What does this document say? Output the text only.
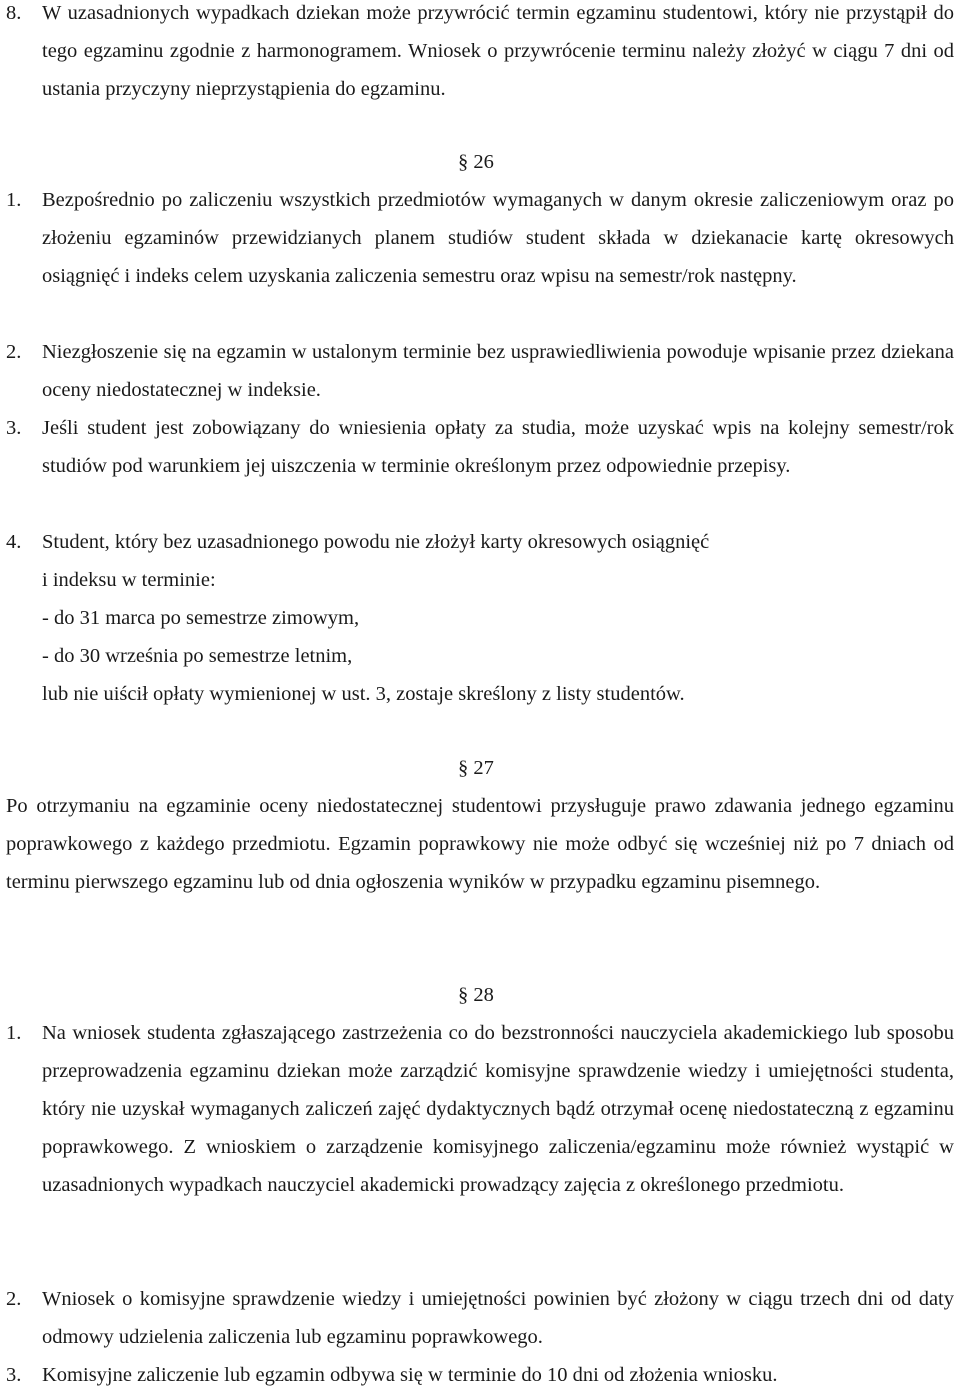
8. W uzasadnionych wypadkach dziekan może przywrócić termin egzaminu studentowi, który nie przystąpił do tego egzaminu zgodnie z harmonogramem. Wniosek o przywrócenie terminu należy złożyć w ciągu 7 dni od ustania przyczyny nieprzystąpienia do egzaminu.
§ 26
1. Bezpośrednio po zaliczeniu wszystkich przedmiotów wymaganych w danym okresie zaliczeniowym oraz po złożeniu egzaminów przewidzianych planem studiów student składa w dziekanacie kartę okresowych osiągnięć i indeks celem uzyskania zaliczenia semestru oraz wpisu na semestr/rok następny.
2. Niezgłoszenie się na egzamin w ustalonym terminie bez usprawiedliwienia powoduje wpisanie przez dziekana oceny niedostatecznej w indeksie.
3. Jeśli student jest zobowiązany do wniesienia opłaty za studia, może uzyskać wpis na kolejny semestr/rok studiów pod warunkiem jej uiszczenia w terminie określonym przez odpowiednie przepisy.
4. Student, który bez uzasadnionego powodu nie złożył karty okresowych osiągnięć
i indeksu w terminie:
- do 31 marca po semestrze zimowym,
- do 30 września po semestrze letnim,
lub nie uiścił opłaty wymienionej w ust. 3, zostaje skreślony z listy studentów.
§ 27
Po otrzymaniu na egzaminie oceny niedostatecznej studentowi przysługuje prawo zdawania jednego egzaminu poprawkowego z każdego przedmiotu. Egzamin poprawkowy nie może odbyć się wcześniej niż po 7 dniach od terminu pierwszego egzaminu lub od dnia ogłoszenia wyników w przypadku egzaminu pisemnego.
§ 28
1. Na wniosek studenta zgłaszającego zastrzeżenia co do bezstronności nauczyciela akademickiego lub sposobu przeprowadzenia egzaminu dziekan może zarządzić komisyjne sprawdzenie wiedzy i umiejętności studenta, który nie uzyskał wymaganych zaliczeń zajęć dydaktycznych bądź otrzymał ocenę niedostateczną z egzaminu poprawkowego. Z wnioskiem o zarządzenie komisyjnego zaliczenia/egzaminu może również wystąpić w uzasadnionych wypadkach nauczyciel akademicki prowadzący zajęcia z określonego przedmiotu.
2. Wniosek o komisyjne sprawdzenie wiedzy i umiejętności powinien być złożony w ciągu trzech dni od daty odmowy udzielenia zaliczenia lub egzaminu poprawkowego.
3. Komisyjne zaliczenie lub egzamin odbywa się w terminie do 10 dni od złożenia wniosku.
